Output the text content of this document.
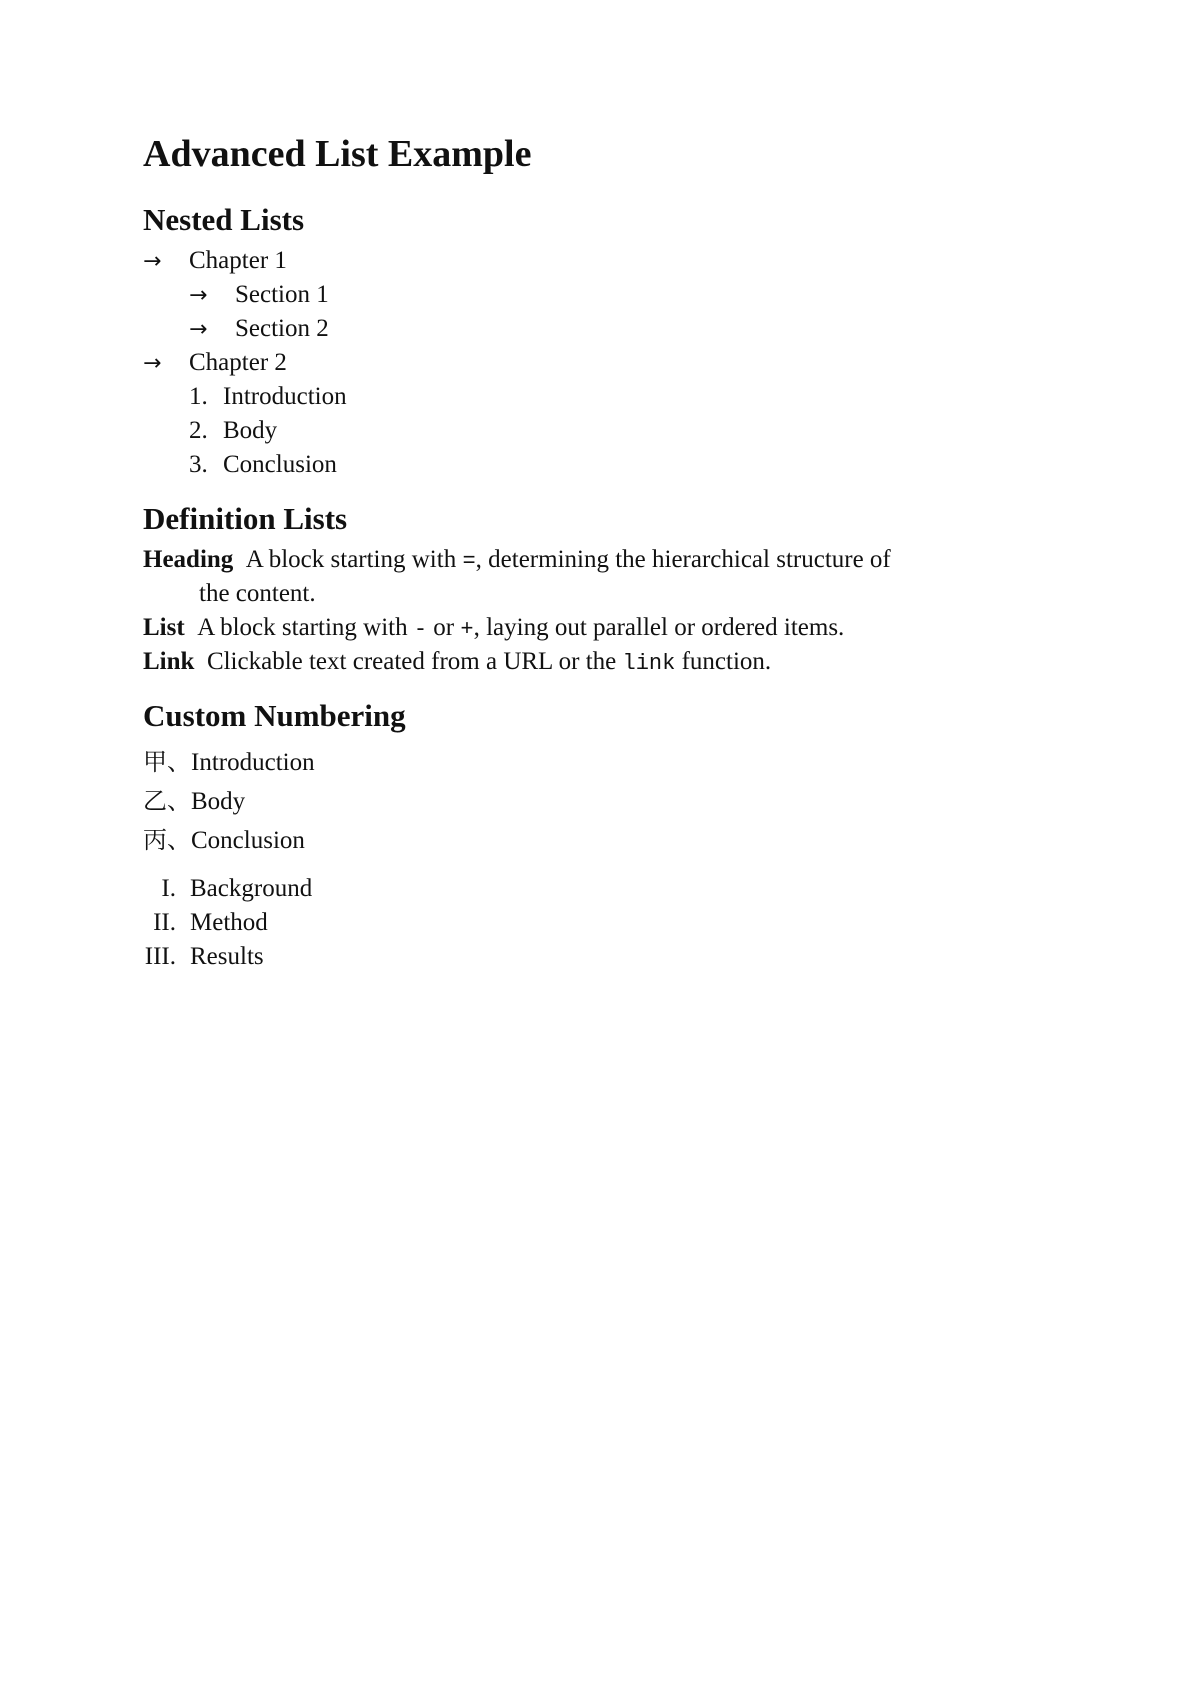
Advanced List Example
Nested Lists
→ Chapter 1
→ Section 1
→ Section 2
→ Chapter 2
1. Introduction
2. Body
3. Conclusion
Definition Lists
Heading A block starting with =, determining the hierarchical structure of
the content.
List A block starting with - or +, laying out parallel or ordered items.
Link Clickable text created from a URL or the link function.
Custom Numbering
甲、Introduction
乙、Body
丙、Conclusion
I. Background
II. Method
III. Results
